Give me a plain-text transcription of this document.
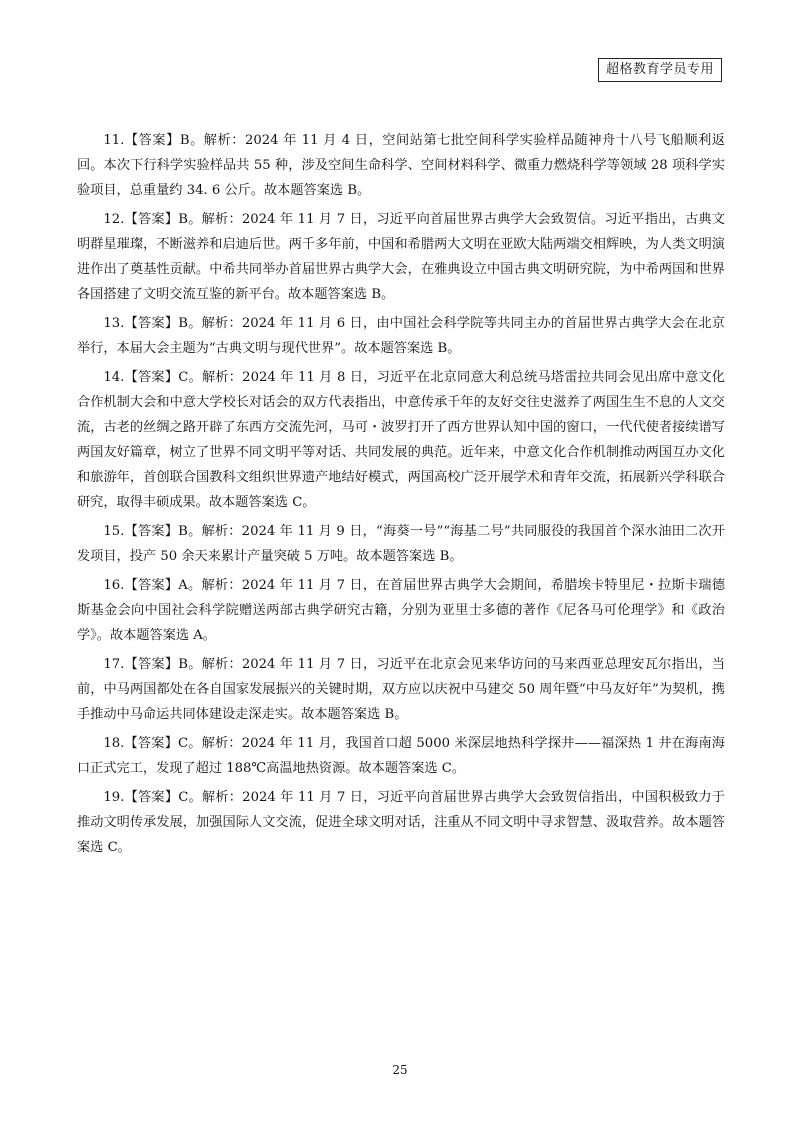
超格教育学员专用

11.【答案】B。解析：2024 年 11 月 4 日，空间站第七批空间科学实验样品随神舟十八号飞船顺利返回。本次下行科学实验样品共 55 种，涉及空间生命科学、空间材料科学、微重力燃烧科学等领域 28 项科学实验项目，总重量约 34. 6 公斤。故本题答案选 B。

12.【答案】B。解析：2024 年 11 月 7 日，习近平向首届世界古典学大会致贺信。习近平指出，古典文明群星璀璨，不断滋养和启迪后世。两千多年前，中国和希腊两大文明在亚欧大陆两端交相辉映，为人类文明演进作出了奠基性贡献。中希共同举办首届世界古典学大会，在雅典设立中国古典文明研究院，为中希两国和世界各国搭建了文明交流互鉴的新平台。故本题答案选 B。

13.【答案】B。解析：2024 年 11 月 6 日，由中国社会科学院等共同主办的首届世界古典学大会在北京举行，本届大会主题为“古典文明与现代世界”。故本题答案选 B。

14.【答案】C。解析：2024 年 11 月 8 日，习近平在北京同意大利总统马塔雷拉共同会见出席中意文化合作机制大会和中意大学校长对话会的双方代表指出，中意传承千年的友好交往史滋养了两国生生不息的人文交流，古老的丝绸之路开辟了东西方交流先河，马可・波罗打开了西方世界认知中国的窗口，一代代使者接续谱写两国友好篇章，树立了世界不同文明平等对话、共同发展的典范。近年来，中意文化合作机制推动两国互办文化和旅游年，首创联合国教科文组织世界遗产地结好模式，两国高校广泛开展学术和青年交流，拓展新兴学科联合研究，取得丰硕成果。故本题答案选 C。

15.【答案】B。解析：2024 年 11 月 9 日，“海葵一号”“海基二号”共同服役的我国首个深水油田二次开发项目，投产 50 余天来累计产量突破 5 万吨。故本题答案选 B。

16.【答案】A。解析：2024 年 11 月 7 日，在首届世界古典学大会期间，希腊埃卡特里尼・拉斯卡瑞德斯基金会向中国社会科学院赠送两部古典学研究古籍，分别为亚里士多德的著作《尼各马可伦理学》和《政治学》。故本题答案选 A。

17.【答案】B。解析：2024 年 11 月 7 日，习近平在北京会见来华访问的马来西亚总理安瓦尔指出，当前，中马两国都处在各自国家发展振兴的关键时期，双方应以庆祝中马建交 50 周年暨“中马友好年”为契机，携手推动中马命运共同体建设走深走实。故本题答案选 B。

18.【答案】C。解析：2024 年 11 月，我国首口超 5000 米深层地热科学探井——福深热 1 井在海南海口正式完工，发现了超过 188℃高温地热资源。故本题答案选 C。

19.【答案】C。解析：2024 年 11 月 7 日，习近平向首届世界古典学大会致贺信指出，中国积极致力于推动文明传承发展，加强国际人文交流，促进全球文明对话，注重从不同文明中寻求智慧、汲取营养。故本题答案选 C。

25
